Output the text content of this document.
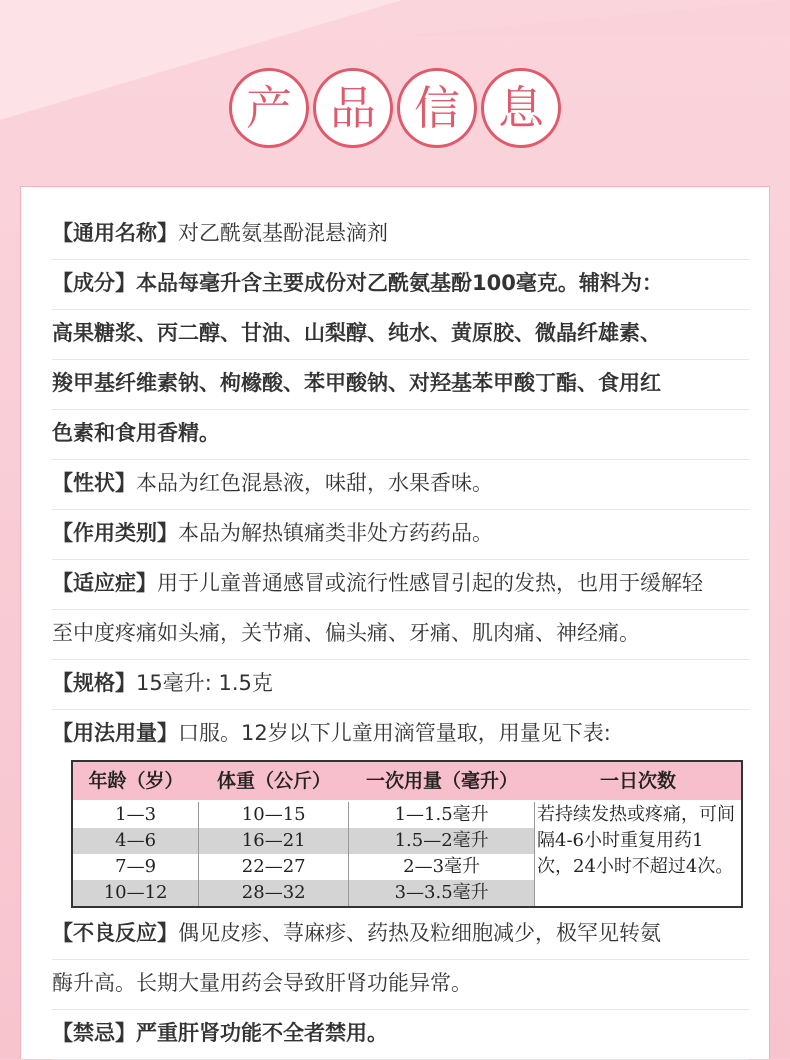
产 品 信 息
【通用名称】对乙酰氨基酚混悬滴剂
【成分】本品每毫升含主要成份对乙酰氨基酚100毫克。辅料为：
高果糖浆、丙二醇、甘油、山梨醇、纯水、黄原胶、微晶纤雄素、
羧甲基纤维素钠、枸橼酸、苯甲酸钠、对羟基苯甲酸丁酯、食用红
色素和食用香精。
【性状】本品为红色混悬液，味甜，水果香味。
【作用类别】本品为解热镇痛类非处方药药品。
【适应症】用于儿童普通感冒或流行性感冒引起的发热，也用于缓解轻
至中度疼痛如头痛，关节痛、偏头痛、牙痛、肌肉痛、神经痛。
【规格】15毫升: 1.5克
【用法用量】口服。12岁以下儿童用滴管量取，用量见下表:
年龄（岁）	体重（公斤）	一次用量（毫升）	一日次数
1—3	10—15	1—1.5毫升
4—6	16—21	1.5—2毫升
7—9	22—27	2—3毫升
10—12	28—32	3—3.5毫升
若持续发热或疼痛，可间隔4-6小时重复用药1次，24小时不超过4次。
【不良反应】偶见皮疹、荨麻疹、药热及粒细胞减少，极罕见转氨
酶升高。长期大量用药会导致肝肾功能异常。
【禁忌】严重肝肾功能不全者禁用。
